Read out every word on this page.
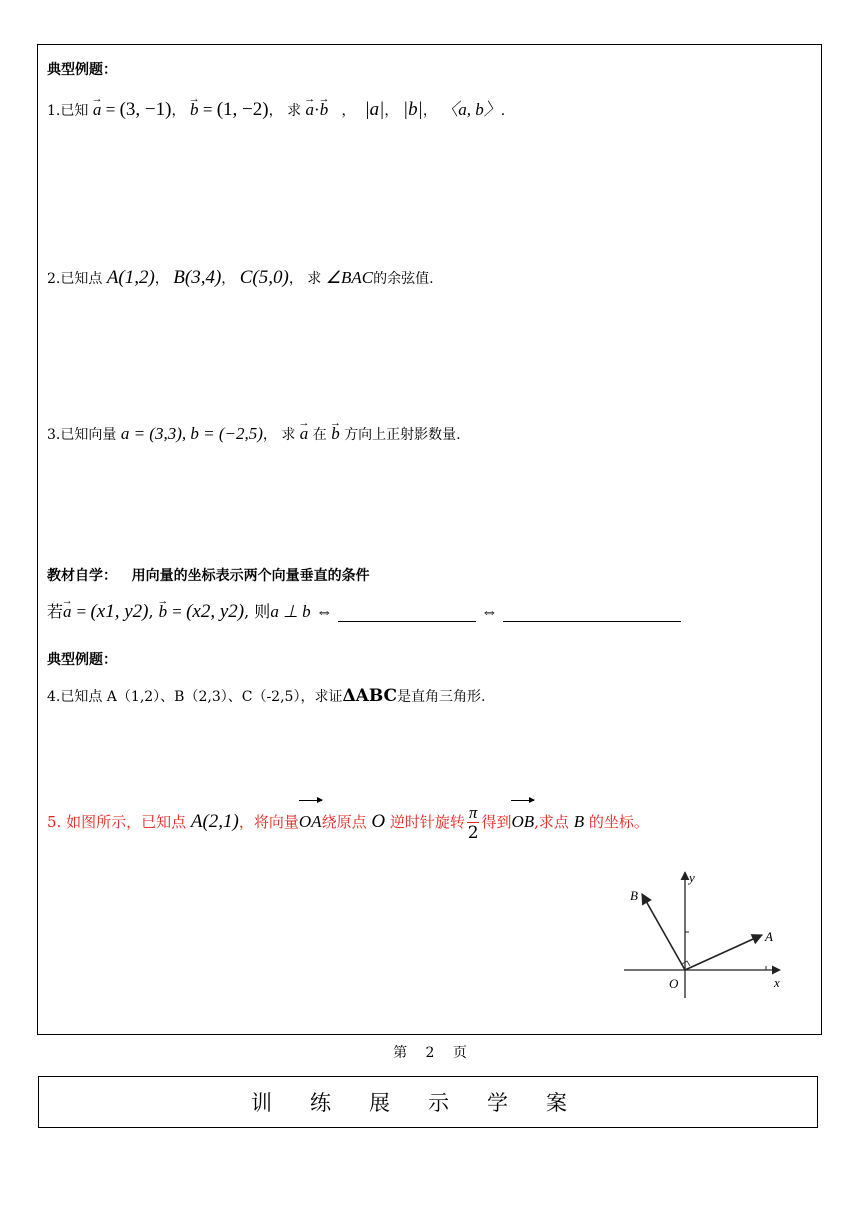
典型例题：
1.已知 → a = (3, −1)， → b = (1, −2)， 求 → a·→ b   ，  |a|， |b|， 〈a, b〉.
2.已知点 A(1,2)， B(3,4)， C(5,0)， 求 ∠BAC的余弦值.
3.已知向量 a = (3,3), b = (−2,5)， 求 → a 在 → b 方向上正射影数量.
教材自学： 用向量的坐标表示两个向量垂直的条件
若→ a = (x1, y2), → b = (x2, y2), 则a ⊥ b ⇔	⇔
典型例题：
4.已知点 A（1,2）、B（2,3）、C（-2,5），求证ΔABC是直角三角形.
5. 如图所示，已知点 A(2,1)，将向量OA绕原点 O 逆时针旋转 $\frac{\pi}{2}$ 得到OB,求点 B 的坐标。
B
y
A
O	x
第 2 页
训练展示学案
